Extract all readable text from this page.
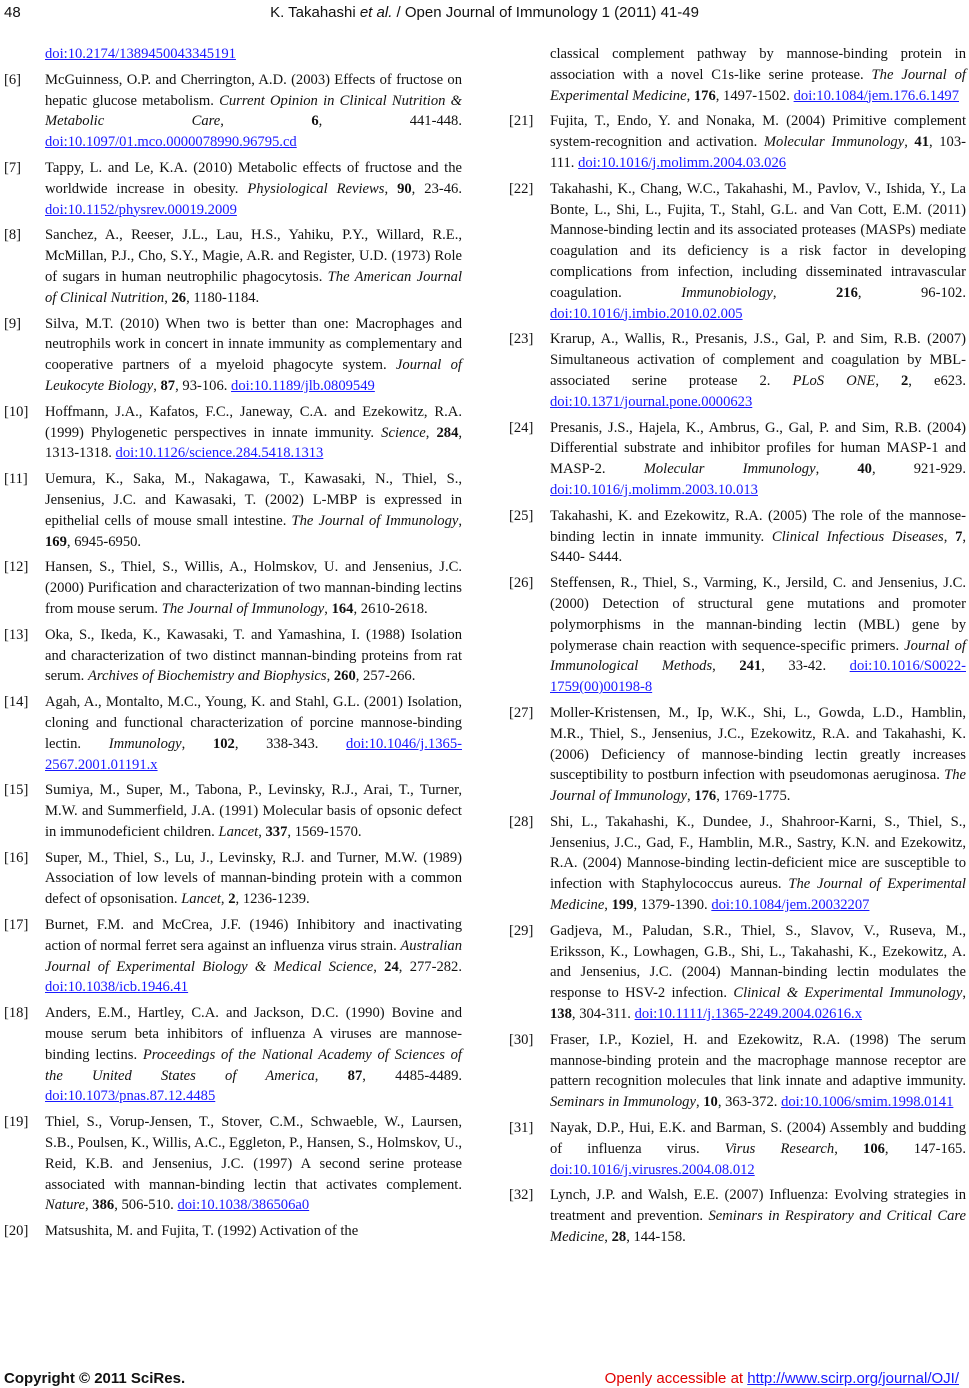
48	K. Takahashi et al. / Open Journal of Immunology 1 (2011) 41-49
doi:10.2174/1389450043345191
[6] McGuinness, O.P. and Cherrington, A.D. (2003) Effects of fructose on hepatic glucose metabolism. Current Opinion in Clinical Nutrition & Metabolic Care, 6, 441-448. doi:10.1097/01.mco.0000078990.96795.cd
[7] Tappy, L. and Le, K.A. (2010) Metabolic effects of fructose and the worldwide increase in obesity. Physiological Reviews, 90, 23-46. doi:10.1152/physrev.00019.2009
[8] Sanchez, A., Reeser, J.L., Lau, H.S., Yahiku, P.Y., Willard, R.E., McMillan, P.J., Cho, S.Y., Magie, A.R. and Register, U.D. (1973) Role of sugars in human neutrophilic phagocytosis. The American Journal of Clinical Nutrition, 26, 1180-1184.
[9] Silva, M.T. (2010) When two is better than one: Macrophages and neutrophils work in concert in innate immunity as complementary and cooperative partners of a myeloid phagocyte system. Journal of Leukocyte Biology, 87, 93-106. doi:10.1189/jlb.0809549
[10] Hoffmann, J.A., Kafatos, F.C., Janeway, C.A. and Ezekowitz, R.A. (1999) Phylogenetic perspectives in innate immunity. Science, 284, 1313-1318. doi:10.1126/science.284.5418.1313
[11] Uemura, K., Saka, M., Nakagawa, T., Kawasaki, N., Thiel, S., Jensenius, J.C. and Kawasaki, T. (2002) L-MBP is expressed in epithelial cells of mouse small intestine. The Journal of Immunology, 169, 6945-6950.
[12] Hansen, S., Thiel, S., Willis, A., Holmskov, U. and Jensenius, J.C. (2000) Purification and characterization of two mannan-binding lectins from mouse serum. The Journal of Immunology, 164, 2610-2618.
[13] Oka, S., Ikeda, K., Kawasaki, T. and Yamashina, I. (1988) Isolation and characterization of two distinct mannan-binding proteins from rat serum. Archives of Biochemistry and Biophysics, 260, 257-266.
[14] Agah, A., Montalto, M.C., Young, K. and Stahl, G.L. (2001) Isolation, cloning and functional characterization of porcine mannose-binding lectin. Immunology, 102, 338-343. doi:10.1046/j.1365-2567.2001.01191.x
[15] Sumiya, M., Super, M., Tabona, P., Levinsky, R.J., Arai, T., Turner, M.W. and Summerfield, J.A. (1991) Molecular basis of opsonic defect in immunodeficient children. Lancet, 337, 1569-1570.
[16] Super, M., Thiel, S., Lu, J., Levinsky, R.J. and Turner, M.W. (1989) Association of low levels of mannan-binding protein with a common defect of opsonisation. Lancet, 2, 1236-1239.
[17] Burnet, F.M. and McCrea, J.F. (1946) Inhibitory and inactivating action of normal ferret sera against an influenza virus strain. Australian Journal of Experimental Biology & Medical Science, 24, 277-282. doi:10.1038/icb.1946.41
[18] Anders, E.M., Hartley, C.A. and Jackson, D.C. (1990) Bovine and mouse serum beta inhibitors of influenza A viruses are mannose-binding lectins. Proceedings of the National Academy of Sciences of the United States of America, 87, 4485-4489. doi:10.1073/pnas.87.12.4485
[19] Thiel, S., Vorup-Jensen, T., Stover, C.M., Schwaeble, W., Laursen, S.B., Poulsen, K., Willis, A.C., Eggleton, P., Hansen, S., Holmskov, U., Reid, K.B. and Jensenius, J.C. (1997) A second serine protease associated with mannan-binding lectin that activates complement. Nature, 386, 506-510. doi:10.1038/386506a0
[20] Matsushita, M. and Fujita, T. (1992) Activation of the
classical complement pathway by mannose-binding protein in association with a novel C1s-like serine protease. The Journal of Experimental Medicine, 176, 1497-1502. doi:10.1084/jem.176.6.1497
[21] Fujita, T., Endo, Y. and Nonaka, M. (2004) Primitive complement system-recognition and activation. Molecular Immunology, 41, 103-111. doi:10.1016/j.molimm.2004.03.026
[22] Takahashi, K., Chang, W.C., Takahashi, M., Pavlov, V., Ishida, Y., La Bonte, L., Shi, L., Fujita, T., Stahl, G.L. and Van Cott, E.M. (2011) Mannose-binding lectin and its associated proteases (MASPs) mediate coagulation and its deficiency is a risk factor in developing complications from infection, including disseminated intravascular coagulation. Immunobiology, 216, 96-102. doi:10.1016/j.imbio.2010.02.005
[23] Krarup, A., Wallis, R., Presanis, J.S., Gal, P. and Sim, R.B. (2007) Simultaneous activation of complement and coagulation by MBL-associated serine protease 2. PLoS ONE, 2, e623. doi:10.1371/journal.pone.0000623
[24] Presanis, J.S., Hajela, K., Ambrus, G., Gal, P. and Sim, R.B. (2004) Differential substrate and inhibitor profiles for human MASP-1 and MASP-2. Molecular Immunology, 40, 921-929. doi:10.1016/j.molimm.2003.10.013
[25] Takahashi, K. and Ezekowitz, R.A. (2005) The role of the mannose-binding lectin in innate immunity. Clinical Infectious Diseases, 7, S440- S444.
[26] Steffensen, R., Thiel, S., Varming, K., Jersild, C. and Jensenius, J.C. (2000) Detection of structural gene mutations and promoter polymorphisms in the mannan-binding lectin (MBL) gene by polymerase chain reaction with sequence-specific primers. Journal of Immunological Methods, 241, 33-42. doi:10.1016/S0022-1759(00)00198-8
[27] Moller-Kristensen, M., Ip, W.K., Shi, L., Gowda, L.D., Hamblin, M.R., Thiel, S., Jensenius, J.C., Ezekowitz, R.A. and Takahashi, K. (2006) Deficiency of mannose-binding lectin greatly increases susceptibility to postburn infection with pseudomonas aeruginosa. The Journal of Immunology, 176, 1769-1775.
[28] Shi, L., Takahashi, K., Dundee, J., Shahroor-Karni, S., Thiel, S., Jensenius, J.C., Gad, F., Hamblin, M.R., Sastry, K.N. and Ezekowitz, R.A. (2004) Mannose-binding lectin-deficient mice are susceptible to infection with Staphylococcus aureus. The Journal of Experimental Medicine, 199, 1379-1390. doi:10.1084/jem.20032207
[29] Gadjeva, M., Paludan, S.R., Thiel, S., Slavov, V., Ruseva, M., Eriksson, K., Lowhagen, G.B., Shi, L., Takahashi, K., Ezekowitz, A. and Jensenius, J.C. (2004) Mannan-binding lectin modulates the response to HSV-2 infection. Clinical & Experimental Immunology, 138, 304-311. doi:10.1111/j.1365-2249.2004.02616.x
[30] Fraser, I.P., Koziel, H. and Ezekowitz, R.A. (1998) The serum mannose-binding protein and the macrophage mannose receptor are pattern recognition molecules that link innate and adaptive immunity. Seminars in Immunology, 10, 363-372. doi:10.1006/smim.1998.0141
[31] Nayak, D.P., Hui, E.K. and Barman, S. (2004) Assembly and budding of influenza virus. Virus Research, 106, 147-165. doi:10.1016/j.virusres.2004.08.012
[32] Lynch, J.P. and Walsh, E.E. (2007) Influenza: Evolving strategies in treatment and prevention. Seminars in Respiratory and Critical Care Medicine, 28, 144-158.
Copyright © 2011 SciRes.	Openly accessible at http://www.scirp.org/journal/OJI/
